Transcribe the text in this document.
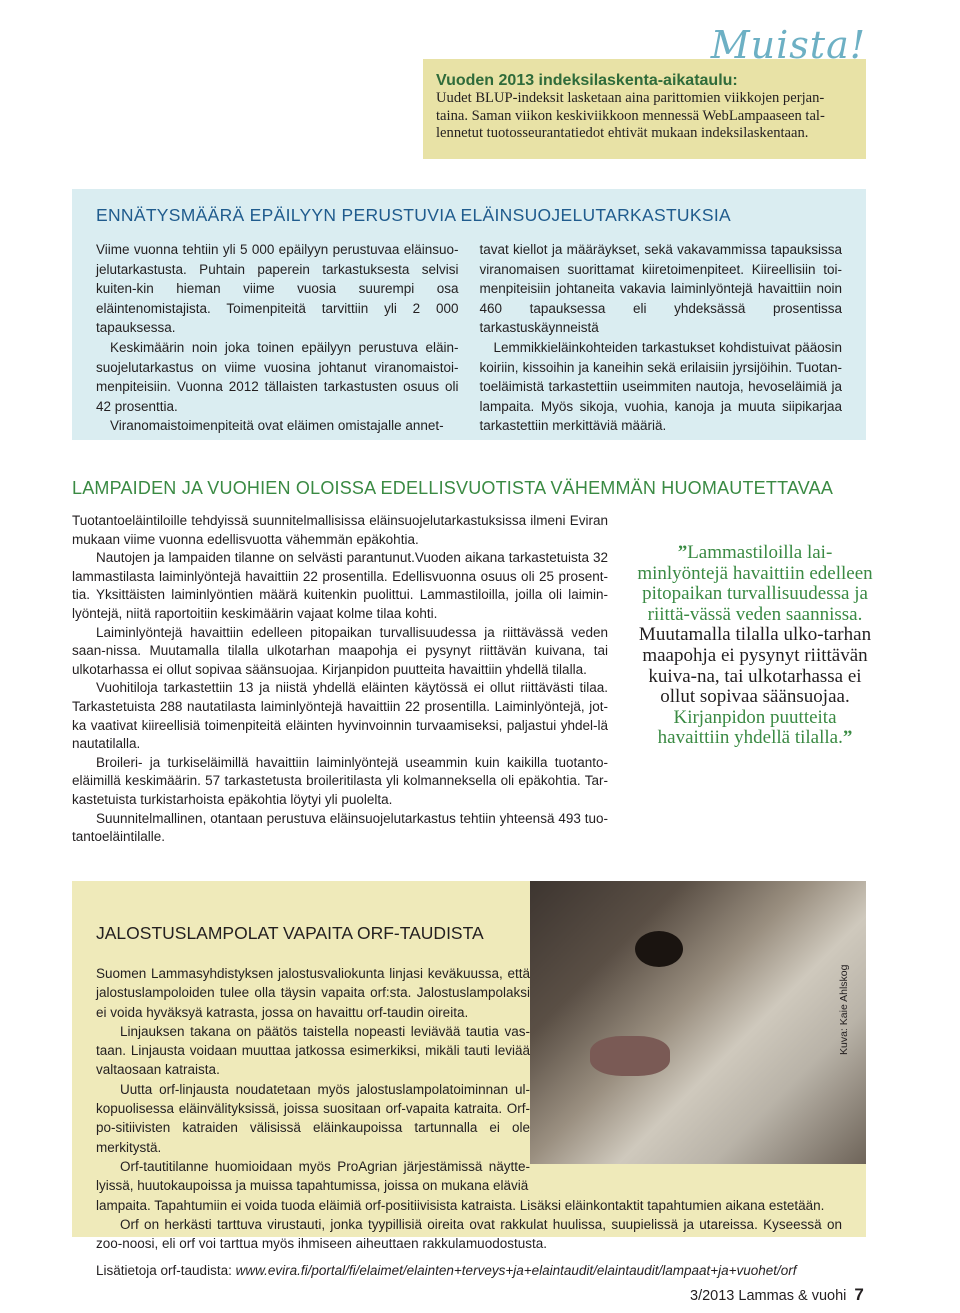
Vuoden 2013 indeksilaskenta-aikataulu:
Uudet BLUP-indeksit lasketaan aina parittomien viikkojen perjan-
taina. Saman viikon keskiviikkoon mennessä WebLampaaseen tal-
lennetut tuotosseurantatiedot ehtivät mukaan indeksilaskentaan.
Muista!
ENNÄTYSMÄÄRÄ EPÄILYYN PERUSTUVIA ELÄINSUOJELUTARKASTUKSIA

Viime vuonna tehtiin yli 5 000 epäilyyn perustuvaa eläinsuo-jelutarkastusta. Puhtain paperein tarkastuksesta selvisi kuiten-kin hieman viime vuosia suurempi osa eläintenomistajista. Toimenpiteitä tarvittiin yli 2 000 tapauksessa.

Keskimäärin noin joka toinen epäilyyn perustuva eläin-suojelutarkastus on viime vuosina johtanut viranomaistoi-menpiteisiin. Vuonna 2012 tällaisten tarkastusten osuus oli 42 prosenttia.

Viranomaistoimenpiteitä ovat eläimen omistajalle annet-

tavat kiellot ja määräykset, sekä vakavammissa tapauksissa viranomaisen suorittamat kiiretoimenpiteet. Kiireellisiin toi-menpiteisiin johtaneita vakavia laiminlyöntejä havaittiin noin 460 tapauksessa eli yhdeksässä prosentissa tarkastuskäynneistä

Lemmikkieläinkohteiden tarkastukset kohdistuivat pääosin koiriin, kissoihin ja kaneihin sekä erilaisiin jyrsijöihin. Tuotan-toeläimistä tarkastettiin useimmiten nautoja, hevoseläimiä ja lampaita. Myös sikoja, vuohia, kanoja ja muuta siipikarjaa tarkastettiin merkittäviä määriä.

LAMPAIDEN JA VUOHIEN OLOISSA EDELLISVUOTISTA VÄHEMMÄN HUOMAUTETTAVAA

Tuotantoeläintiloille tehdyissä suunnitelmallisissa eläinsuojelutarkastuksissa ilmeni Eviran mukaan viime vuonna edellisvuotta vähemmän epäkohtia.

Nautojen ja lampaiden tilanne on selvästi parantunut.Vuoden aikana tarkastetuista 32 lammastilasta laiminlyöntejä havaittiin 22 prosentilla. Edellisvuonna osuus oli 25 prosent-tia. Yksittäisten laiminlyöntien määrä kuitenkin puolittui. Lammastiloilla, joilla oli laimin-lyöntejä, niitä raportoitiin keskimäärin vajaat kolme tilaa kohti.

Laiminlyöntejä havaittiin edelleen pitopaikan turvallisuudessa ja riittävässä veden saan-nissa. Muutamalla tilalla ulkotarhan maapohja ei pysynyt riittävän kuivana, tai ulkotarhassa ei ollut sopivaa säänsuojaa. Kirjanpidon puutteita havaittiin yhdellä tilalla.

Vuohitiloja tarkastettiin 13 ja niistä yhdellä eläinten käytössä ei ollut riittävästi tilaa. Tarkastetuista 288 nautatilasta laiminlyöntejä havaittiin 22 prosentilla. Laiminlyöntejä, jot-ka vaativat kiireellisiä toimenpiteitä eläinten hyvinvoinnin turvaamiseksi, paljastui yhdel-lä nautatilalla.

Broileri- ja turkiseläimillä havaittiin laiminlyöntejä useammin kuin kaikilla tuotanto-eläimillä keskimäärin. 57 tarkastetusta broileritilasta yli kolmanneksella oli epäkohtia. Tar-kastetuista turkistarhoista epäkohtia löytyi yli puolelta.

Suunnitelmallinen, otantaan perustuva eläinsuojelutarkastus tehtiin yhteensä 493 tuo-tantoeläintilalle.

”Lammastiloilla lai-minlyöntejä havaittiin edelleen pitopaikan turvallisuudessa ja riittä-vässä veden saannissa. Muutamalla tilalla ulko-tarhan maapohja ei pysynyt riittävän kuiva-na, tai ulkotarhassa ei ollut sopivaa säänsuojaa. Kirjanpidon puutteita havaittiin yhdellä tilalla.”
Kuva: Kaie Ahlskog
JALOSTUSLAMPOLAT VAPAITA ORF-TAUDISTA

Suomen Lammasyhdistyksen jalostusvaliokunta linjasi keväkuussa, että jalostuslampoloiden tulee olla täysin vapaita orf:sta. Jalostuslampolaksi ei voida hyväksyä katrasta, jossa on havaittu orf-taudin oireita.

Linjauksen takana on päätös taistella nopeasti leviävää tautia vas-taan. Linjausta voidaan muuttaa jatkossa esimerkiksi, mikäli tauti leviää valtaosaan katraista.

Uutta orf-linjausta noudatetaan myös jalostuslampolatoiminnan ul-kopuolisessa eläinvälityksissä, joissa suositaan orf-vapaita katraita. Orf-po-sitiivisten katraiden välisissä eläinkaupoissa tartunnalla ei ole merkitystä.

Orf-tautitilanne huomioidaan myös ProAgrian järjestämissä näytte-lyissä, huutokaupoissa ja muissa tapahtumissa, joissa on mukana eläviä

lampaita. Tapahtumiin ei voida tuoda eläimiä orf-positiivisista katraista. Lisäksi eläinkontaktit tapahtumien aikana estetään.

Orf on herkästi tarttuva virustauti, jonka tyypillisiä oireita ovat rakkulat huulissa, suupielissä ja utareissa. Kyseessä on zoo-noosi, eli orf voi tarttua myös ihmiseen aiheuttaen rakkulamuodostusta.

Lisätietoja orf-taudista: www.evira.fi/portal/fi/elaimet/elainten+terveys+ja+elaintaudit/elaintaudit/lampaat+ja+vuohet/orf

3/2013 Lammas & vuohi 7
